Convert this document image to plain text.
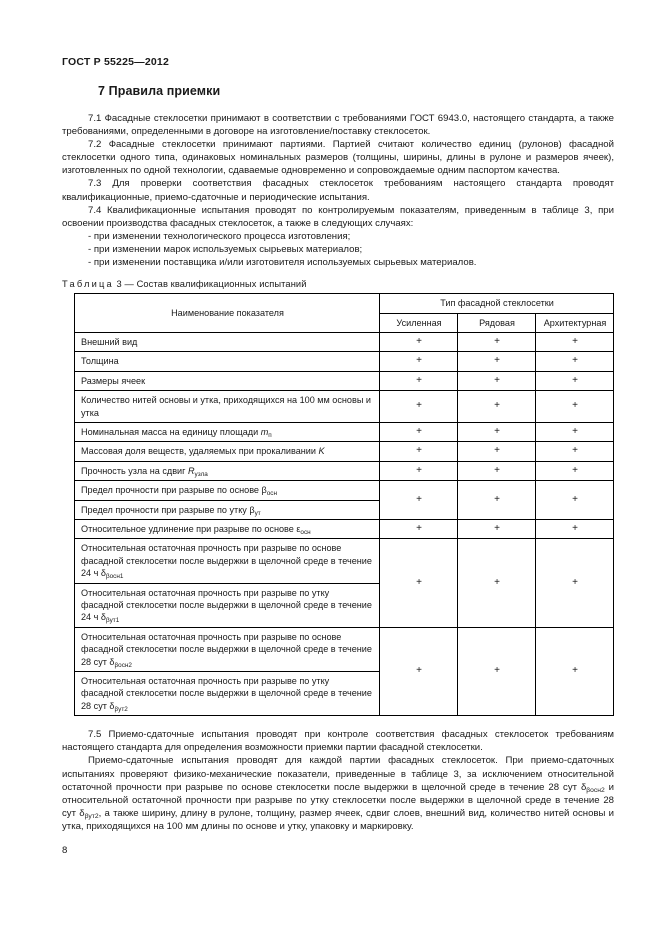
ГОСТ Р 55225—2012
7 Правила приемки

7.1 Фасадные стеклосетки принимают в соответствии с требованиями ГОСТ 6943.0, настоящего стандарта, а также требованиями, определенными в договоре на изготовление/поставку стеклосеток.

7.2 Фасадные стеклосетки принимают партиями. Партией считают количество единиц (рулонов) фасадной стеклосетки одного типа, одинаковых номинальных размеров (толщины, ширины, длины в рулоне и размеров ячеек), изготовленных по одной технологии, сдаваемые одновременно и сопровождаемые одним паспортом качества.

7.3 Для проверки соответствия фасадных стеклосеток требованиям настоящего стандарта проводят квалификационные, приемо-сдаточные и периодические испытания.

7.4 Квалификационные испытания проводят по контролируемым показателям, приведенным в таблице 3, при освоении производства фасадных стеклосеток, а также в следующих случаях:

- при изменении технологического процесса изготовления;

- при изменении марок используемых сырьевых материалов;

- при изменении поставщика и/или изготовителя используемых сырьевых материалов.

Таблица 3 — Состав квалификационных испытаний
Наименование показателя	Тип фасадной стеклосетки		
	Усиленная	Рядовая	Архитектурная
Внешний вид	+	+	+
Толщина	+	+	+
Размеры ячеек	+	+	+
Количество нитей основы и утка, приходящихся на 100 мм основы и утка	+	+	+
Номинальная масса на единицу площади $m_п$	+	+	+
Массовая доля веществ, удаляемых при прокаливании K	+	+	+
Прочность узла на сдвиг $R_{узла}$	+	+	+
Предел прочности при разрыве по основе $\beta_{осн}$	+	+	+
Предел прочности при разрыве по утку $\beta_{ут}$
Относительное удлинение при разрыве по основе $\varepsilon_{осн}$	+	+	+
Относительная остаточная прочность при разрыве по основе фасадной стеклосетки после выдержки в щелочной среде в течение 24 ч $\delta_{\beta осн1}$	+	+	+
Относительная остаточная прочность при разрыве по утку фасадной стеклосетки после выдержки в щелочной среде в течение 24 ч $\delta_{\beta ут1}$
Относительная остаточная прочность при разрыве по основе фасадной стеклосетки после выдержки в щелочной среде в течение 28 сут $\delta_{\beta осн2}$	+	+	+
Относительная остаточная прочность при разрыве по утку фасадной стеклосетки после выдержки в щелочной среде в течение 28 сут $\delta_{\beta ут2}$

7.5 Приемо-сдаточные испытания проводят при контроле соответствия фасадных стеклосеток требованиям настоящего стандарта для определения возможности приемки партии фасадной стеклосетки.

Приемо-сдаточные испытания проводят для каждой партии фасадных стеклосеток. При приемо-сдаточных испытаниях проверяют физико-механические показатели, приведенные в таблице 3, за исключением относительной остаточной прочности при разрыве по основе стеклосетки после выдержки в щелочной среде в течение 28 сут $\delta_{\beta осн2}$ и относительной остаточной прочности при разрыве по утку стеклосетки после выдержки в щелочной среде в течение 28 сут $\delta_{\beta ут2}$, а также ширину, длину в рулоне, толщину, размер ячеек, сдвиг слоев, внешний вид, количество нитей основы и утка, приходящихся на 100 мм длины по основе и утку, упаковку и маркировку.

8
